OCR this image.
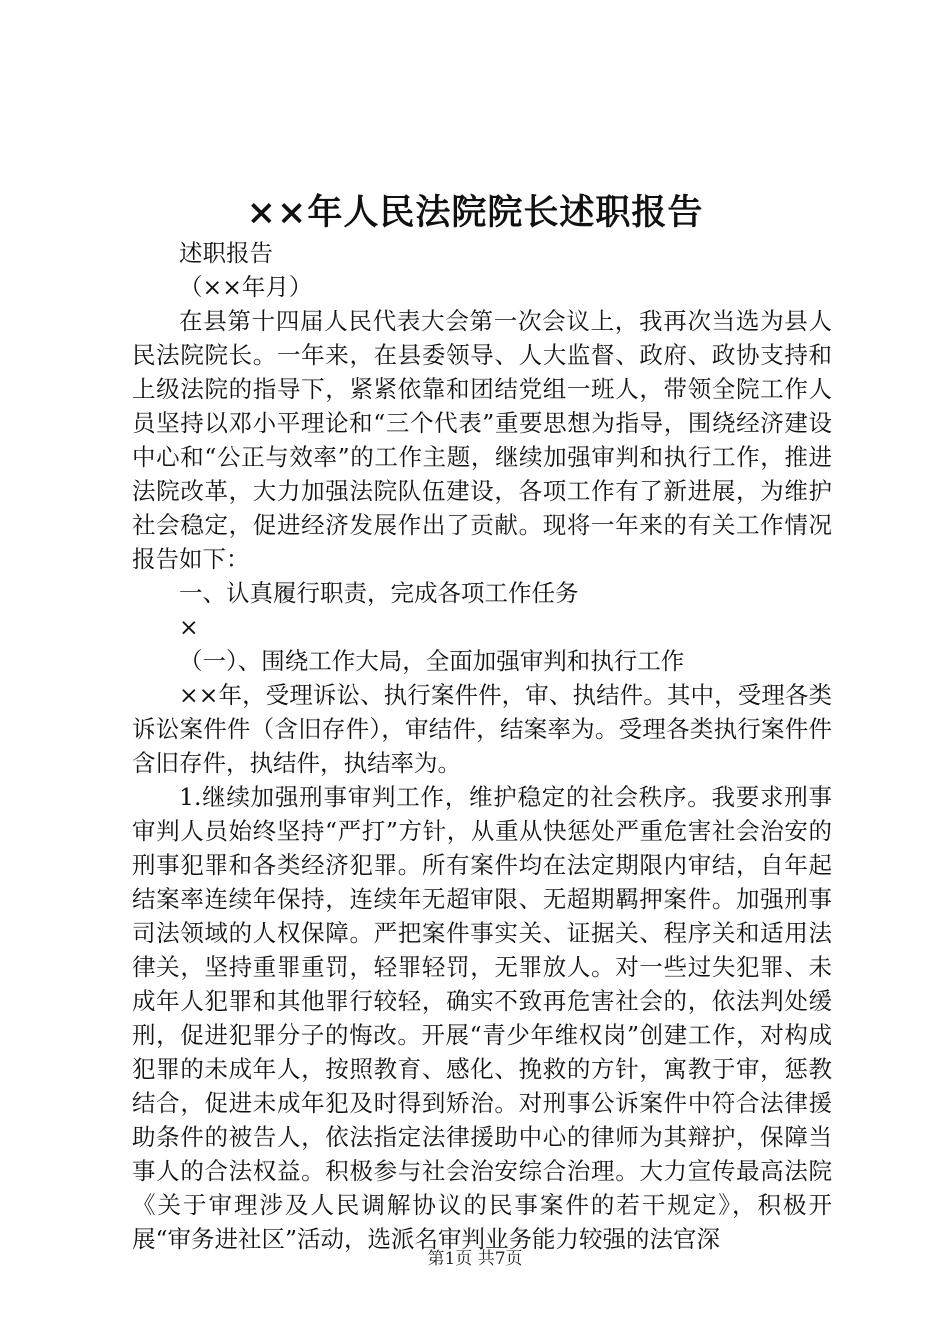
××年人民法院院长述职报告

述职报告

（××年月）

在县第十四届人民代表大会第一次会议上，我再次当选为县人民法院院长。一年来，在县委领导、人大监督、政府、政协支持和上级法院的指导下，紧紧依靠和团结党组一班人，带领全院工作人员坚持以邓小平理论和“三个代表”重要思想为指导，围绕经济建设中心和“公正与效率”的工作主题，继续加强审判和执行工作，推进法院改革，大力加强法院队伍建设，各项工作有了新进展，为维护社会稳定，促进经济发展作出了贡献。现将一年来的有关工作情况报告如下：

一、认真履行职责，完成各项工作任务

×

（一）、围绕工作大局，全面加强审判和执行工作

××年，受理诉讼、执行案件件，审、执结件。其中，受理各类诉讼案件件（含旧存件），审结件，结案率为。受理各类执行案件件含旧存件，执结件，执结率为。

1.继续加强刑事审判工作，维护稳定的社会秩序。我要求刑事审判人员始终坚持“严打”方针，从重从快惩处严重危害社会治安的刑事犯罪和各类经济犯罪。所有案件均在法定期限内审结，自年起结案率连续年保持，连续年无超审限、无超期羁押案件。加强刑事司法领域的人权保障。严把案件事实关、证据关、程序关和适用法律关，坚持重罪重罚，轻罪轻罚，无罪放人。对一些过失犯罪、未成年人犯罪和其他罪行较轻，确实不致再危害社会的，依法判处缓刑，促进犯罪分子的悔改。开展“青少年维权岗”创建工作，对构成犯罪的未成年人，按照教育、感化、挽救的方针，寓教于审，惩教结合，促进未成年犯及时得到矫治。对刑事公诉案件中符合法律援助条件的被告人，依法指定法律援助中心的律师为其辩护，保障当事人的合法权益。积极参与社会治安综合治理。大力宣传最高法院《关于审理涉及人民调解协议的民事案件的若干规定》，积极开展“审务进社区”活动，选派名审判业务能力较强的法官深

第1页 共7页
